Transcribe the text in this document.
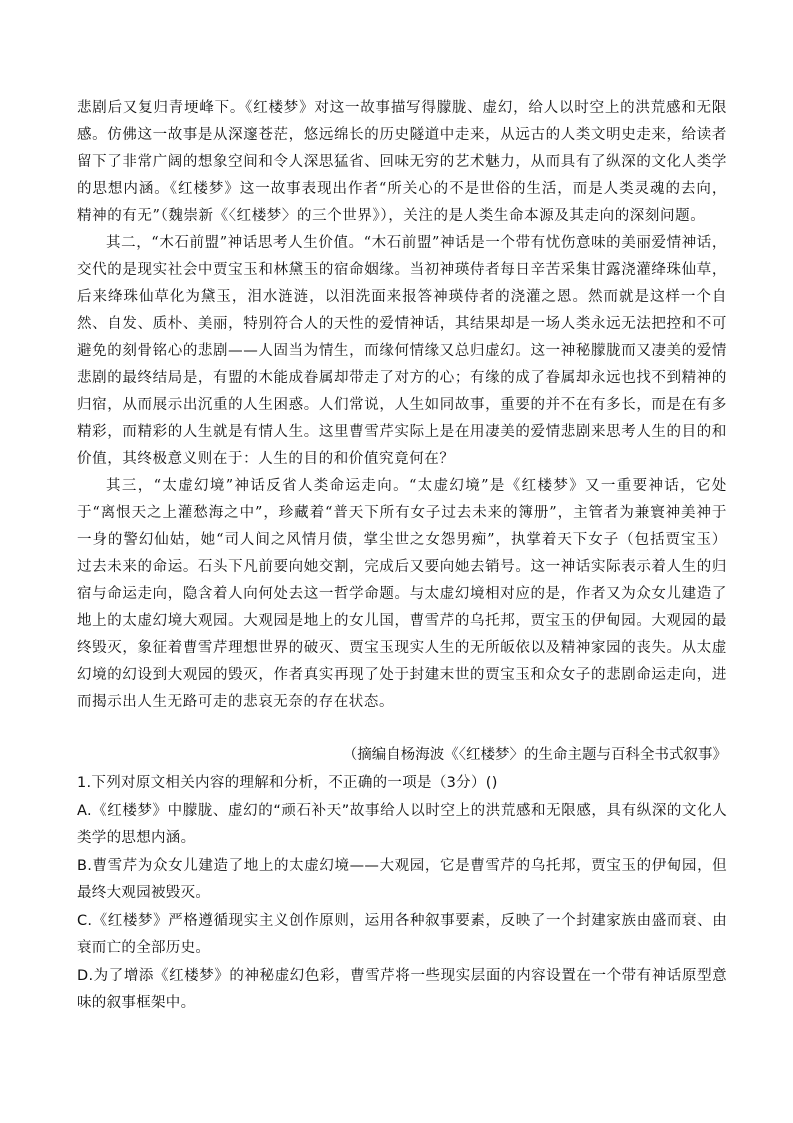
悲剧后又复归青埂峰下。《红楼梦》对这一故事描写得朦胧、虚幻，给人以时空上的洪荒感和无限感。仿佛这一故事是从深邃苍茫，悠远绵长的历史隧道中走来，从远古的人类文明史走来，给读者留下了非常广阔的想象空间和令人深思猛省、回味无穷的艺术魅力，从而具有了纵深的文化人类学的思想内涵。《红楼梦》这一故事表现出作者“所关心的不是世俗的生活，而是人类灵魂的去向，精神的有无”（魏崇新《〈红楼梦〉的三个世界》），关注的是人类生命本源及其走向的深刻问题。

其二，“木石前盟”神话思考人生价值。“木石前盟”神话是一个带有忧伤意味的美丽爱情神话，交代的是现实社会中贾宝玉和林黛玉的宿命姻缘。当初神瑛侍者每日辛苦采集甘露浇灌绛珠仙草，后来绛珠仙草化为黛玉，泪水涟涟，以泪洗面来报答神瑛侍者的浇灌之恩。然而就是这样一个自然、自发、质朴、美丽，特别符合人的天性的爱情神话，其结果却是一场人类永远无法把控和不可避免的刻骨铭心的悲剧——人固当为情生，而缘何情缘又总归虚幻。这一神秘朦胧而又凄美的爱情悲剧的最终结局是，有盟的木能成眷属却带走了对方的心；有缘的成了眷属却永远也找不到精神的归宿，从而展示出沉重的人生困惑。人们常说，人生如同故事，重要的并不在有多长，而是在有多精彩，而精彩的人生就是有情人生。这里曹雪芹实际上是在用凄美的爱情悲剧来思考人生的目的和价值，其终极意义则在于：人生的目的和价值究竟何在？

其三，“太虚幻境”神话反省人类命运走向。“太虚幻境”是《红楼梦》又一重要神话，它处于“离恨天之上灌愁海之中”，珍藏着“普天下所有女子过去未来的簿册”，主管者为兼寰神美神于一身的警幻仙姑，她“司人间之风情月债，掌尘世之女怨男痴”，执掌着天下女子（包括贾宝玉）过去未来的命运。石头下凡前要向她交割，完成后又要向她去销号。这一神话实际表示着人生的归宿与命运走向，隐含着人向何处去这一哲学命题。与太虚幻境相对应的是，作者又为众女儿建造了地上的太虚幻境大观园。大观园是地上的女儿国，曹雪芹的乌托邦，贾宝玉的伊甸园。大观园的最终毁灭，象征着曹雪芹理想世界的破灭、贾宝玉现实人生的无所皈依以及精神家园的丧失。从太虚幻境的幻设到大观园的毁灭，作者真实再现了处于封建末世的贾宝玉和众女子的悲剧命运走向，进而揭示出人生无路可走的悲哀无奈的存在状态。

（摘编自杨海波《〈红楼梦〉的生命主题与百科全书式叙事》

1.下列对原文相关内容的理解和分析，不正确的一项是（3分）()

A.《红楼梦》中朦胧、虚幻的“顽石补天”故事给人以时空上的洪荒感和无限感，具有纵深的文化人类学的思想内涵。

B.曹雪芹为众女儿建造了地上的太虚幻境——大观园，它是曹雪芹的乌托邦，贾宝玉的伊甸园，但最终大观园被毁灭。

C.《红楼梦》严格遵循现实主义创作原则，运用各种叙事要素，反映了一个封建家族由盛而衰、由衰而亡的全部历史。

D.为了增添《红楼梦》的神秘虚幻色彩，曹雪芹将一些现实层面的内容设置在一个带有神话原型意味的叙事框架中。
